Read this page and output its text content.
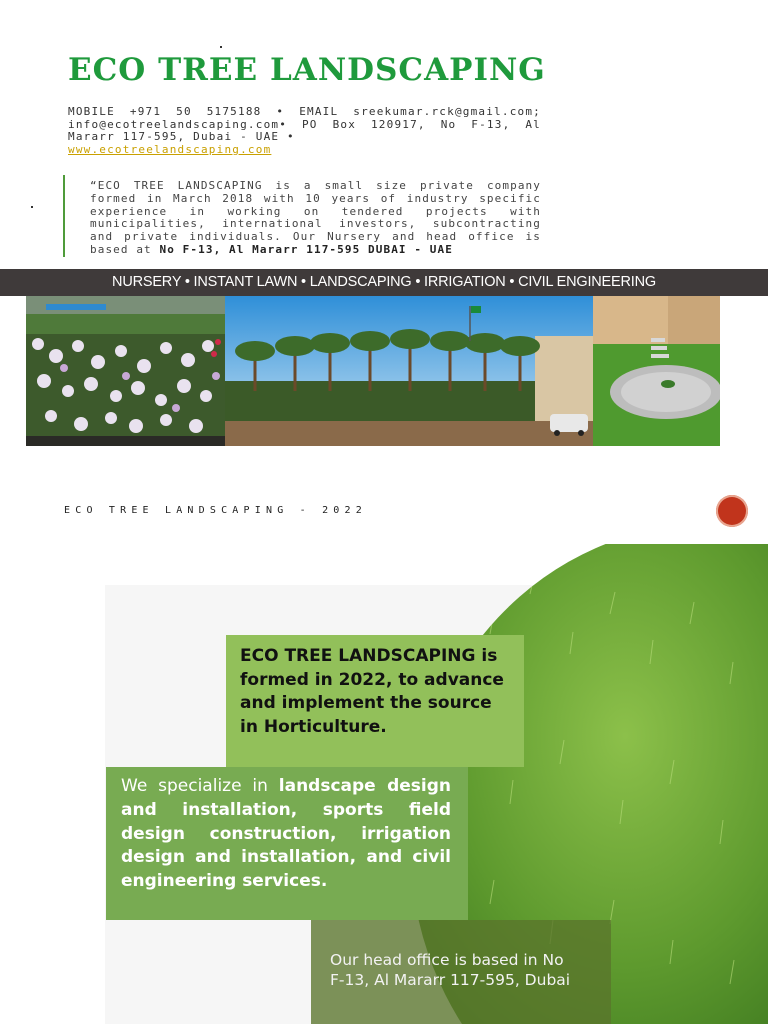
ECO TREE LANDSCAPING
MOBILE +971 50 5175188 • EMAIL sreekumar.rck@gmail.com; info@ecotreelandscaping.com• PO Box 120917, No F-13, Al Mararr 117-595, Dubai - UAE •
www.ecotreelandscaping.com
“ECO TREE LANDSCAPING is a small size private company formed in March 2018 with 10 years of industry specific experience in working on tendered projects with municipalities, international investors, subcontracting and private individuals. Our Nursery and head office is based at No F-13, Al Mararr 117-595 DUBAI - UAE
NURSERY • INSTANT LAWN • LANDSCAPING • IRRIGATION • CIVIL ENGINEERING
ECO TREE LANDSCAPING - 2022
ECO TREE LANDSCAPING is formed in 2022, to advance and implement the source in Horticulture.
We specialize in landscape design and installation, sports field design construction, irrigation design and installation, and civil engineering services.
Our head office is based in No F-13, Al Mararr 117-595, Dubai
